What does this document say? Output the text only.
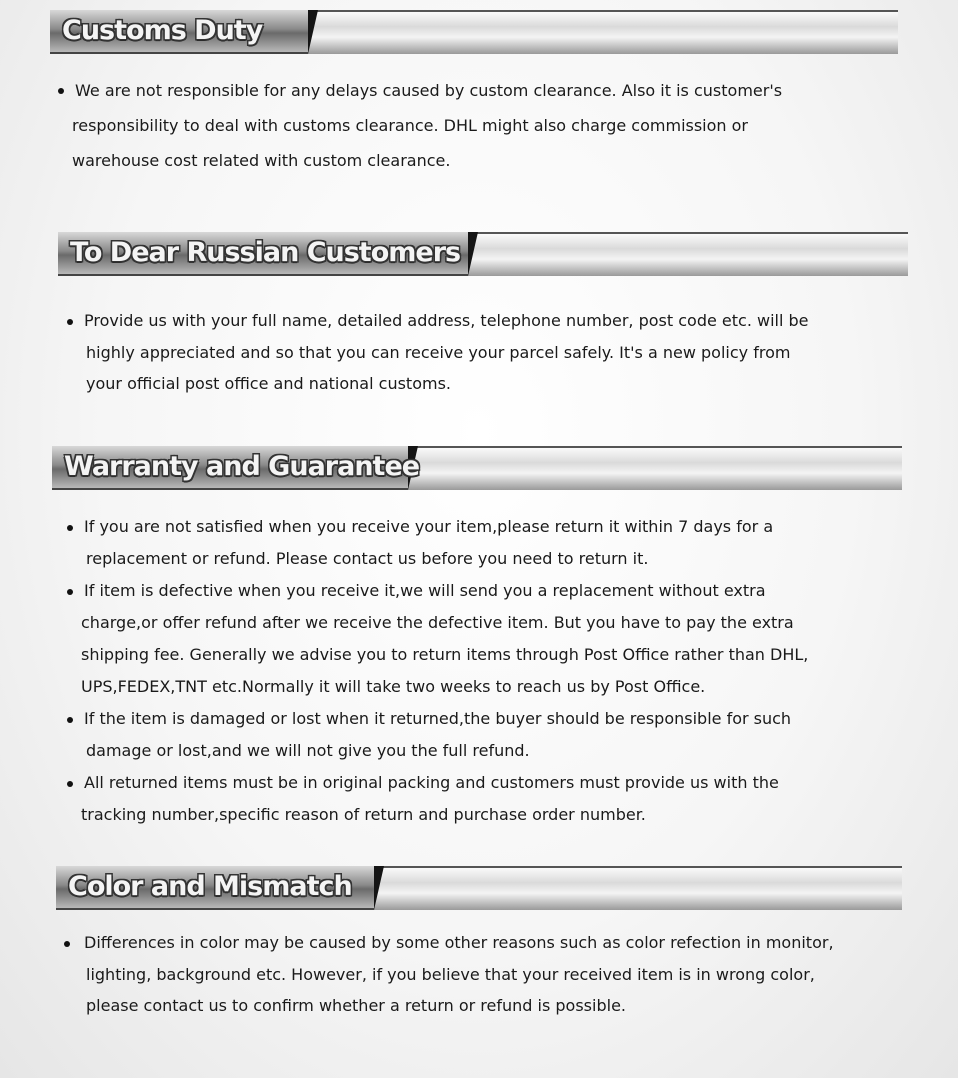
Customs Duty
We are not responsible for any delays caused by custom clearance. Also it is customer's
responsibility to deal with customs clearance. DHL might also charge commission or
warehouse cost related with custom clearance.
To Dear Russian Customers
Provide us with your full name, detailed address, telephone number, post code etc. will be
highly appreciated and so that you can receive your parcel safely. It's a new policy from
your official post office and national customs.
Warranty and Guarantee
If you are not satisfied when you receive your item,please return it within 7 days for a
replacement or refund. Please contact us before you need to return it.
If item is defective when you receive it,we will send you a replacement without extra
charge,or offer refund after we receive the defective item. But you have to pay the extra
shipping fee. Generally we advise you to return items through Post Office rather than DHL,
UPS,FEDEX,TNT etc.Normally it will take two weeks to reach us by Post Office.
If the item is damaged or lost when it returned,the buyer should be responsible for such
damage or lost,and we will not give you the full refund.
All returned items must be in original packing and customers must provide us with the
tracking number,specific reason of return and purchase order number.
Color and Mismatch
Differences in color may be caused by some other reasons such as color refection in monitor,
lighting, background etc. However, if you believe that your received item is in wrong color,
please contact us to confirm whether a return or refund is possible.
